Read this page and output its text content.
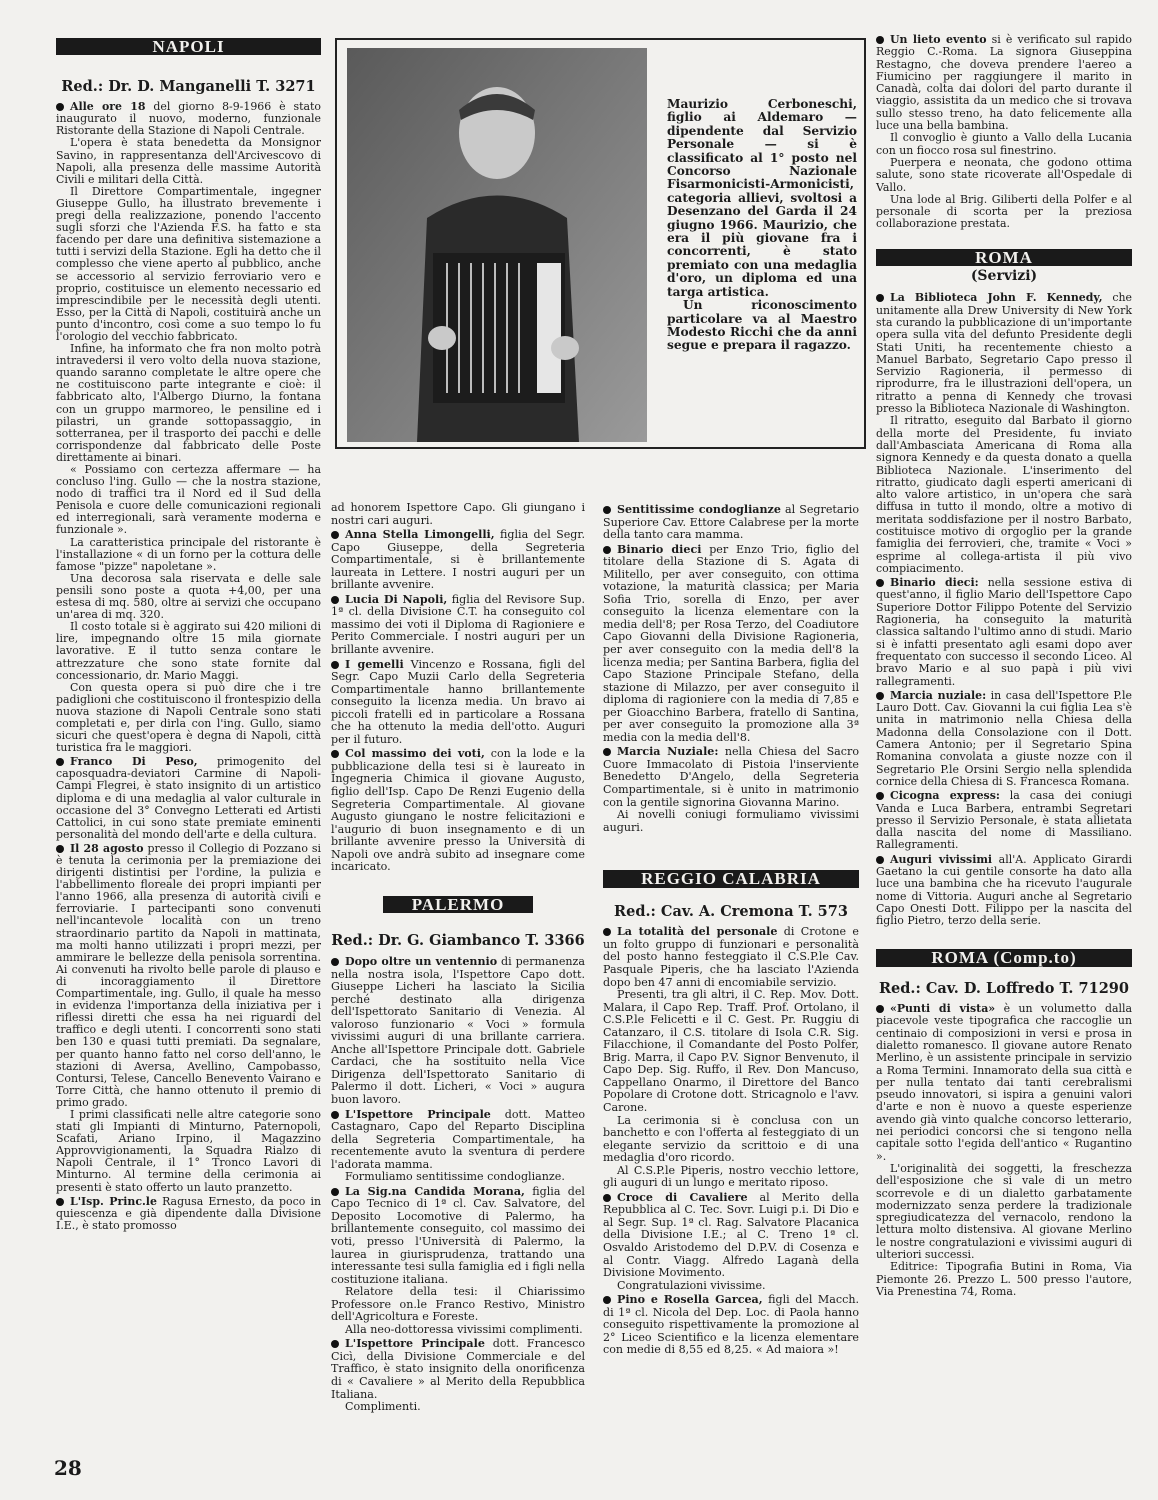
NAPOLI
Red.: Dr. D. Manganelli T. 3271

Alle ore 18 del giorno 8-9-1966 è stato inaugurato il nuovo, moderno, funzionale Ristorante della Stazione di Napoli Centrale.

L'opera è stata benedetta da Monsignor Savino, in rappresentanza dell'Arcivescovo di Napoli, alla presenza delle massime Autorità Civili e militari della Città.

Il Direttore Compartimentale, ingegner Giuseppe Gullo, ha illustrato brevemente i pregi della realizzazione, ponendo l'accento sugli sforzi che l'Azienda F.S. ha fatto e sta facendo per dare una definitiva sistemazione a tutti i servizi della Stazione. Egli ha detto che il complesso che viene aperto al pubblico, anche se accessorio al servizio ferroviario vero e proprio, costituisce un elemento necessario ed imprescindibile per le necessità degli utenti. Esso, per la Città di Napoli, costituirà anche un punto d'incontro, così come a suo tempo lo fu l'orologio del vecchio fabbricato.

Infine, ha informato che fra non molto potrà intravedersi il vero volto della nuova stazione, quando saranno completate le altre opere che ne costituiscono parte integrante e cioè: il fabbricato alto, l'Albergo Diurno, la fontana con un gruppo marmoreo, le pensiline ed i pilastri, un grande sottopassaggio, in sotterranea, per il trasporto dei pacchi e delle corrispondenze dal fabbricato delle Poste direttamente ai binari.

« Possiamo con certezza affermare — ha concluso l'ing. Gullo — che la nostra stazione, nodo di traffici tra il Nord ed il Sud della Penisola e cuore delle comunicazioni regionali ed interregionali, sarà veramente moderna e funzionale ».

La caratteristica principale del ristorante è l'installazione « di un forno per la cottura delle famose "pizze" napoletane ».

Una decorosa sala riservata e delle sale pensili sono poste a quota +4,00, per una estesa di mq. 580, oltre ai servizi che occupano un'area di mq. 320.

Il costo totale si è aggirato sui 420 milioni di lire, impegnando oltre 15 mila giornate lavorative. E il tutto senza contare le attrezzature che sono state fornite dal concessionario, dr. Mario Maggi.

Con questa opera si può dire che i tre padiglioni che costituiscono il frontespizio della nuova stazione di Napoli Centrale sono stati completati e, per dirla con l'ing. Gullo, siamo sicuri che quest'opera è degna di Napoli, città turistica fra le maggiori.

Franco Di Peso, primogenito del caposquadra-deviatori Carmine di Napoli-Campi Flegrei, è stato insignito di un artistico diploma e di una medaglia al valor culturale in occasione del 3° Convegno Letterati ed Artisti Cattolici, in cui sono state premiate eminenti personalità del mondo dell'arte e della cultura.

Il 28 agosto presso il Collegio di Pozzano si è tenuta la cerimonia per la premiazione dei dirigenti distintisi per l'ordine, la pulizia e l'abbellimento floreale dei propri impianti per l'anno 1966, alla presenza di autorità civili e ferroviarie. I partecipanti sono convenuti nell'incantevole località con un treno straordinario partito da Napoli in mattinata, ma molti hanno utilizzati i propri mezzi, per ammirare le bellezze della penisola sorrentina. Ai convenuti ha rivolto belle parole di plauso e di incoraggiamento il Direttore Compartimentale, ing. Gullo, il quale ha messo in evidenza l'importanza della iniziativa per i riflessi diretti che essa ha nei riguardi del traffico e degli utenti. I concorrenti sono stati ben 130 e quasi tutti premiati. Da segnalare, per quanto hanno fatto nel corso dell'anno, le stazioni di Aversa, Avellino, Campobasso, Contursi, Telese, Cancello Benevento Vairano e Torre Città, che hanno ottenuto il premio di primo grado.

I primi classificati nelle altre categorie sono stati gli Impianti di Minturno, Paternopoli, Scafati, Ariano Irpino, il Magazzino Approvvigionamenti, la Squadra Rialzo di Napoli Centrale, il 1° Tronco Lavori di Minturno. Al termine della cerimonia ai presenti è stato offerto un lauto pranzetto.

L'Isp. Princ.le Ragusa Ernesto, da poco in quiescenza e già dipendente dalla Divisione I.E., è stato promosso

Maurizio Cerboneschi, figlio ai Aldemaro — dipendente dal Servizio Personale — si è classificato al 1° posto nel Concorso Nazionale Fisarmonicisti-Armonicisti, categoria allievi, svoltosi a Desenzano del Garda il 24 giugno 1966. Maurizio, che era il più giovane fra i concorrenti, è stato premiato con una medaglia d'oro, un diploma ed una targa artistica.

Un riconoscimento particolare va al Maestro Modesto Ricchi che da anni segue e prepara il ragazzo.

ad honorem Ispettore Capo. Gli giungano i nostri cari auguri.

Anna Stella Limongelli, figlia del Segr. Capo Giuseppe, della Segreteria Compartimentale, si è brillantemente laureata in Lettere. I nostri auguri per un brillante avvenire.

Lucia Di Napoli, figlia del Revisore Sup. 1ª cl. della Divisione C.T. ha conseguito col massimo dei voti il Diploma di Ragioniere e Perito Commerciale. I nostri auguri per un brillante avvenire.

I gemelli Vincenzo e Rossana, figli del Segr. Capo Muzii Carlo della Segreteria Compartimentale hanno brillantemente conseguito la licenza media. Un bravo ai piccoli fratelli ed in particolare a Rossana che ha ottenuto la media dell'otto. Auguri per il futuro.

Col massimo dei voti, con la lode e la pubblicazione della tesi si è laureato in Ingegneria Chimica il giovane Augusto, figlio dell'Isp. Capo De Renzi Eugenio della Segreteria Compartimentale. Al giovane Augusto giungano le nostre felicitazioni e l'augurio di buon insegnamento e di un brillante avvenire presso la Università di Napoli ove andrà subito ad insegnare come incaricato.

PALERMO
Red.: Dr. G. Giambanco T. 3366

Dopo oltre un ventennio di permanenza nella nostra isola, l'Ispettore Capo dott. Giuseppe Licheri ha lasciato la Sicilia perché destinato alla dirigenza dell'Ispettorato Sanitario di Venezia. Al valoroso funzionario « Voci » formula vivissimi auguri di una brillante carriera. Anche all'Ispettore Principale dott. Gabriele Cardaci, che ha sostituito nella Vice Dirigenza dell'Ispettorato Sanitario di Palermo il dott. Licheri, « Voci » augura buon lavoro.

L'Ispettore Principale dott. Matteo Castagnaro, Capo del Reparto Disciplina della Segreteria Compartimentale, ha recentemente avuto la sventura di perdere l'adorata mamma.

Formuliamo sentitissime condoglianze.

La Sig.na Candida Morana, figlia del Capo Tecnico di 1ª cl. Cav. Salvatore, del Deposito Locomotive di Palermo, ha brillantemente conseguito, col massimo dei voti, presso l'Università di Palermo, la laurea in giurisprudenza, trattando una interessante tesi sulla famiglia ed i figli nella costituzione italiana.

Relatore della tesi: il Chiarissimo Professore on.le Franco Restivo, Ministro dell'Agricoltura e Foreste.

Alla neo-dottoressa vivissimi complimenti.

L'Ispettore Principale dott. Francesco Cicì, della Divisione Commerciale e del Traffico, è stato insignito della onorificenza di « Cavaliere » al Merito della Repubblica Italiana.

Complimenti.

Sentitissime condoglianze al Segretario Superiore Cav. Ettore Calabrese per la morte della tanto cara mamma.

Binario dieci per Enzo Trio, figlio del titolare della Stazione di S. Agata di Militello, per aver conseguito, con ottima votazione, la maturità classica; per Maria Sofia Trio, sorella di Enzo, per aver conseguito la licenza elementare con la media dell'8; per Rosa Terzo, del Coadiutore Capo Giovanni della Divisione Ragioneria, per aver conseguito con la media dell'8 la licenza media; per Santina Barbera, figlia del Capo Stazione Principale Stefano, della stazione di Milazzo, per aver conseguito il diploma di ragioniere con la media di 7,85 e per Gioacchino Barbera, fratello di Santina, per aver conseguito la promozione alla 3ª media con la media dell'8.

Marcia Nuziale: nella Chiesa del Sacro Cuore Immacolato di Pistoia l'inserviente Benedetto D'Angelo, della Segreteria Compartimentale, si è unito in matrimonio con la gentile signorina Giovanna Marino.

Ai novelli coniugi formuliamo vivissimi auguri.

REGGIO CALABRIA
Red.: Cav. A. Cremona T. 573

La totalità del personale di Crotone e un folto gruppo di funzionari e personalità del posto hanno festeggiato il C.S.P.le Cav. Pasquale Piperis, che ha lasciato l'Azienda dopo ben 47 anni di encomiabile servizio.

Presenti, tra gli altri, il C. Rep. Mov. Dott. Malara, il Capo Rep. Traff. Prof. Ortolano, il C.S.P.le Felicetti e il C. Gest. Pr. Ruggiu di Catanzaro, il C.S. titolare di Isola C.R. Sig. Filacchione, il Comandante del Posto Polfer, Brig. Marra, il Capo P.V. Signor Benvenuto, il Capo Dep. Sig. Ruffo, il Rev. Don Mancuso, Cappellano Onarmo, il Direttore del Banco Popolare di Crotone dott. Stricagnolo e l'avv. Carone.

La cerimonia si è conclusa con un banchetto e con l'offerta al festeggiato di un elegante servizio da scrittoio e di una medaglia d'oro ricordo.

Al C.S.P.le Piperis, nostro vecchio lettore, gli auguri di un lungo e meritato riposo.

Croce di Cavaliere al Merito della Repubblica al C. Tec. Sovr. Luigi p.i. Di Dio e al Segr. Sup. 1ª cl. Rag. Salvatore Placanica della Divisione I.E.; al C. Treno 1ª cl. Osvaldo Aristodemo del D.P.V. di Cosenza e al Contr. Viagg. Alfredo Laganà della Divisione Movimento.

Congratulazioni vivissime.

Pino e Rosella Garcea, figli del Macch. di 1ª cl. Nicola del Dep. Loc. di Paola hanno conseguito rispettivamente la promozione al 2° Liceo Scientifico e la licenza elementare con medie di 8,55 ed 8,25. « Ad maiora »!

Un lieto evento si è verificato sul rapido Reggio C.-Roma. La signora Giuseppina Restagno, che doveva prendere l'aereo a Fiumicino per raggiungere il marito in Canadà, colta dai dolori del parto durante il viaggio, assistita da un medico che si trovava sullo stesso treno, ha dato felicemente alla luce una bella bambina.

Il convoglio è giunto a Vallo della Lucania con un fiocco rosa sul finestrino.

Puerpera e neonata, che godono ottima salute, sono state ricoverate all'Ospedale di Vallo.

Una lode al Brig. Giliberti della Polfer e al personale di scorta per la preziosa collaborazione prestata.

ROMA
(Servizi)

La Biblioteca John F. Kennedy, che unitamente alla Drew University di New York sta curando la pubblicazione di un'importante opera sulla vita del defunto Presidente degli Stati Uniti, ha recentemente chiesto a Manuel Barbato, Segretario Capo presso il Servizio Ragioneria, il permesso di riprodurre, fra le illustrazioni dell'opera, un ritratto a penna di Kennedy che trovasi presso la Biblioteca Nazionale di Washington.

Il ritratto, eseguito dal Barbato il giorno della morte del Presidente, fu inviato dall'Ambasciata Americana di Roma alla signora Kennedy e da questa donato a quella Biblioteca Nazionale. L'inserimento del ritratto, giudicato dagli esperti americani di alto valore artistico, in un'opera che sarà diffusa in tutto il mondo, oltre a motivo di meritata soddisfazione per il nostro Barbato, costituisce motivo di orgoglio per la grande famiglia dei ferrovieri, che, tramite « Voci » esprime al collega-artista il più vivo compiacimento.

Binario dieci: nella sessione estiva di quest'anno, il figlio Mario dell'Ispettore Capo Superiore Dottor Filippo Potente del Servizio Ragioneria, ha conseguito la maturità classica saltando l'ultimo anno di studi. Mario si è infatti presentato agli esami dopo aver frequentato con successo il secondo Liceo. Al bravo Mario e al suo papà i più vivi rallegramenti.

Marcia nuziale: in casa dell'Ispettore P.le Lauro Dott. Cav. Giovanni la cui figlia Lea s'è unita in matrimonio nella Chiesa della Madonna della Consolazione con il Dott. Camera Antonio; per il Segretario Spina Romanina convolata a giuste nozze con il Segretario P.le Orsini Sergio nella splendida cornice della Chiesa di S. Francesca Romana.

Cicogna express: la casa dei coniugi Vanda e Luca Barbera, entrambi Segretari presso il Servizio Personale, è stata allietata dalla nascita del nome di Massiliano. Rallegramenti.

Auguri vivissimi all'A. Applicato Girardi Gaetano la cui gentile consorte ha dato alla luce una bambina che ha ricevuto l'augurale nome di Vittoria. Auguri anche al Segretario Capo Onesti Dott. Filippo per la nascita del figlio Pietro, terzo della serie.

ROMA (Comp.to)
Red.: Cav. D. Loffredo T. 71290

«Punti di vista» è un volumetto dalla piacevole veste tipografica che raccoglie un centinaio di composizioni in versi e prosa in dialetto romanesco. Il giovane autore Renato Merlino, è un assistente principale in servizio a Roma Termini. Innamorato della sua città e per nulla tentato dai tanti cerebralismi pseudo innovatori, si ispira a genuini valori d'arte e non è nuovo a queste esperienze avendo già vinto qualche concorso letterario, nei periodici concorsi che si tengono nella capitale sotto l'egida dell'antico « Rugantino ».

L'originalità dei soggetti, la freschezza dell'esposizione che si vale di un metro scorrevole e di un dialetto garbatamente modernizzato senza perdere la tradizionale spregiudicatezza del vernacolo, rendono la lettura molto distensiva. Al giovane Merlino le nostre congratulazioni e vivissimi auguri di ulteriori successi.

Editrice: Tipografia Butini in Roma, Via Piemonte 26. Prezzo L. 500 presso l'autore, Via Prenestina 74, Roma.

28
